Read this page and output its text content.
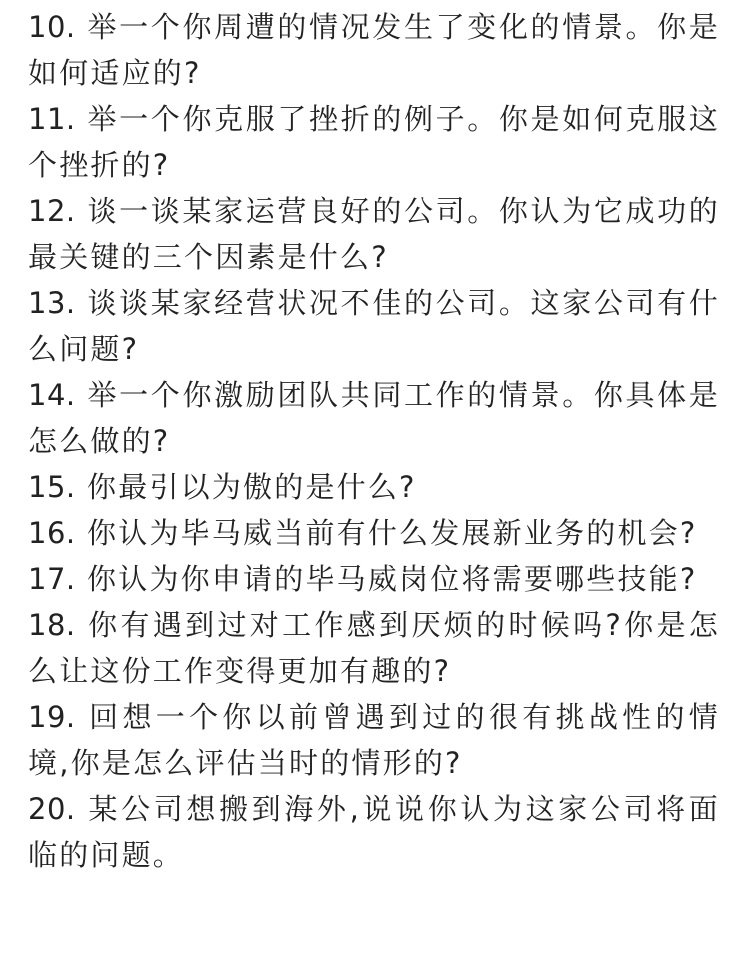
10. 举一个你周遭的情况发生了变化的情景。你是如何适应的?

11. 举一个你克服了挫折的例子。你是如何克服这个挫折的?

12. 谈一谈某家运营良好的公司。你认为它成功的最关键的三个因素是什么?

13. 谈谈某家经营状况不佳的公司。这家公司有什么问题?

14. 举一个你激励团队共同工作的情景。你具体是怎么做的?

15. 你最引以为傲的是什么?

16. 你认为毕马威当前有什么发展新业务的机会?

17. 你认为你申请的毕马威岗位将需要哪些技能?

18. 你有遇到过对工作感到厌烦的时候吗?你是怎么让这份工作变得更加有趣的?

19. 回想一个你以前曾遇到过的很有挑战性的情境,你是怎么评估当时的情形的?

20. 某公司想搬到海外,说说你认为这家公司将面临的问题。
